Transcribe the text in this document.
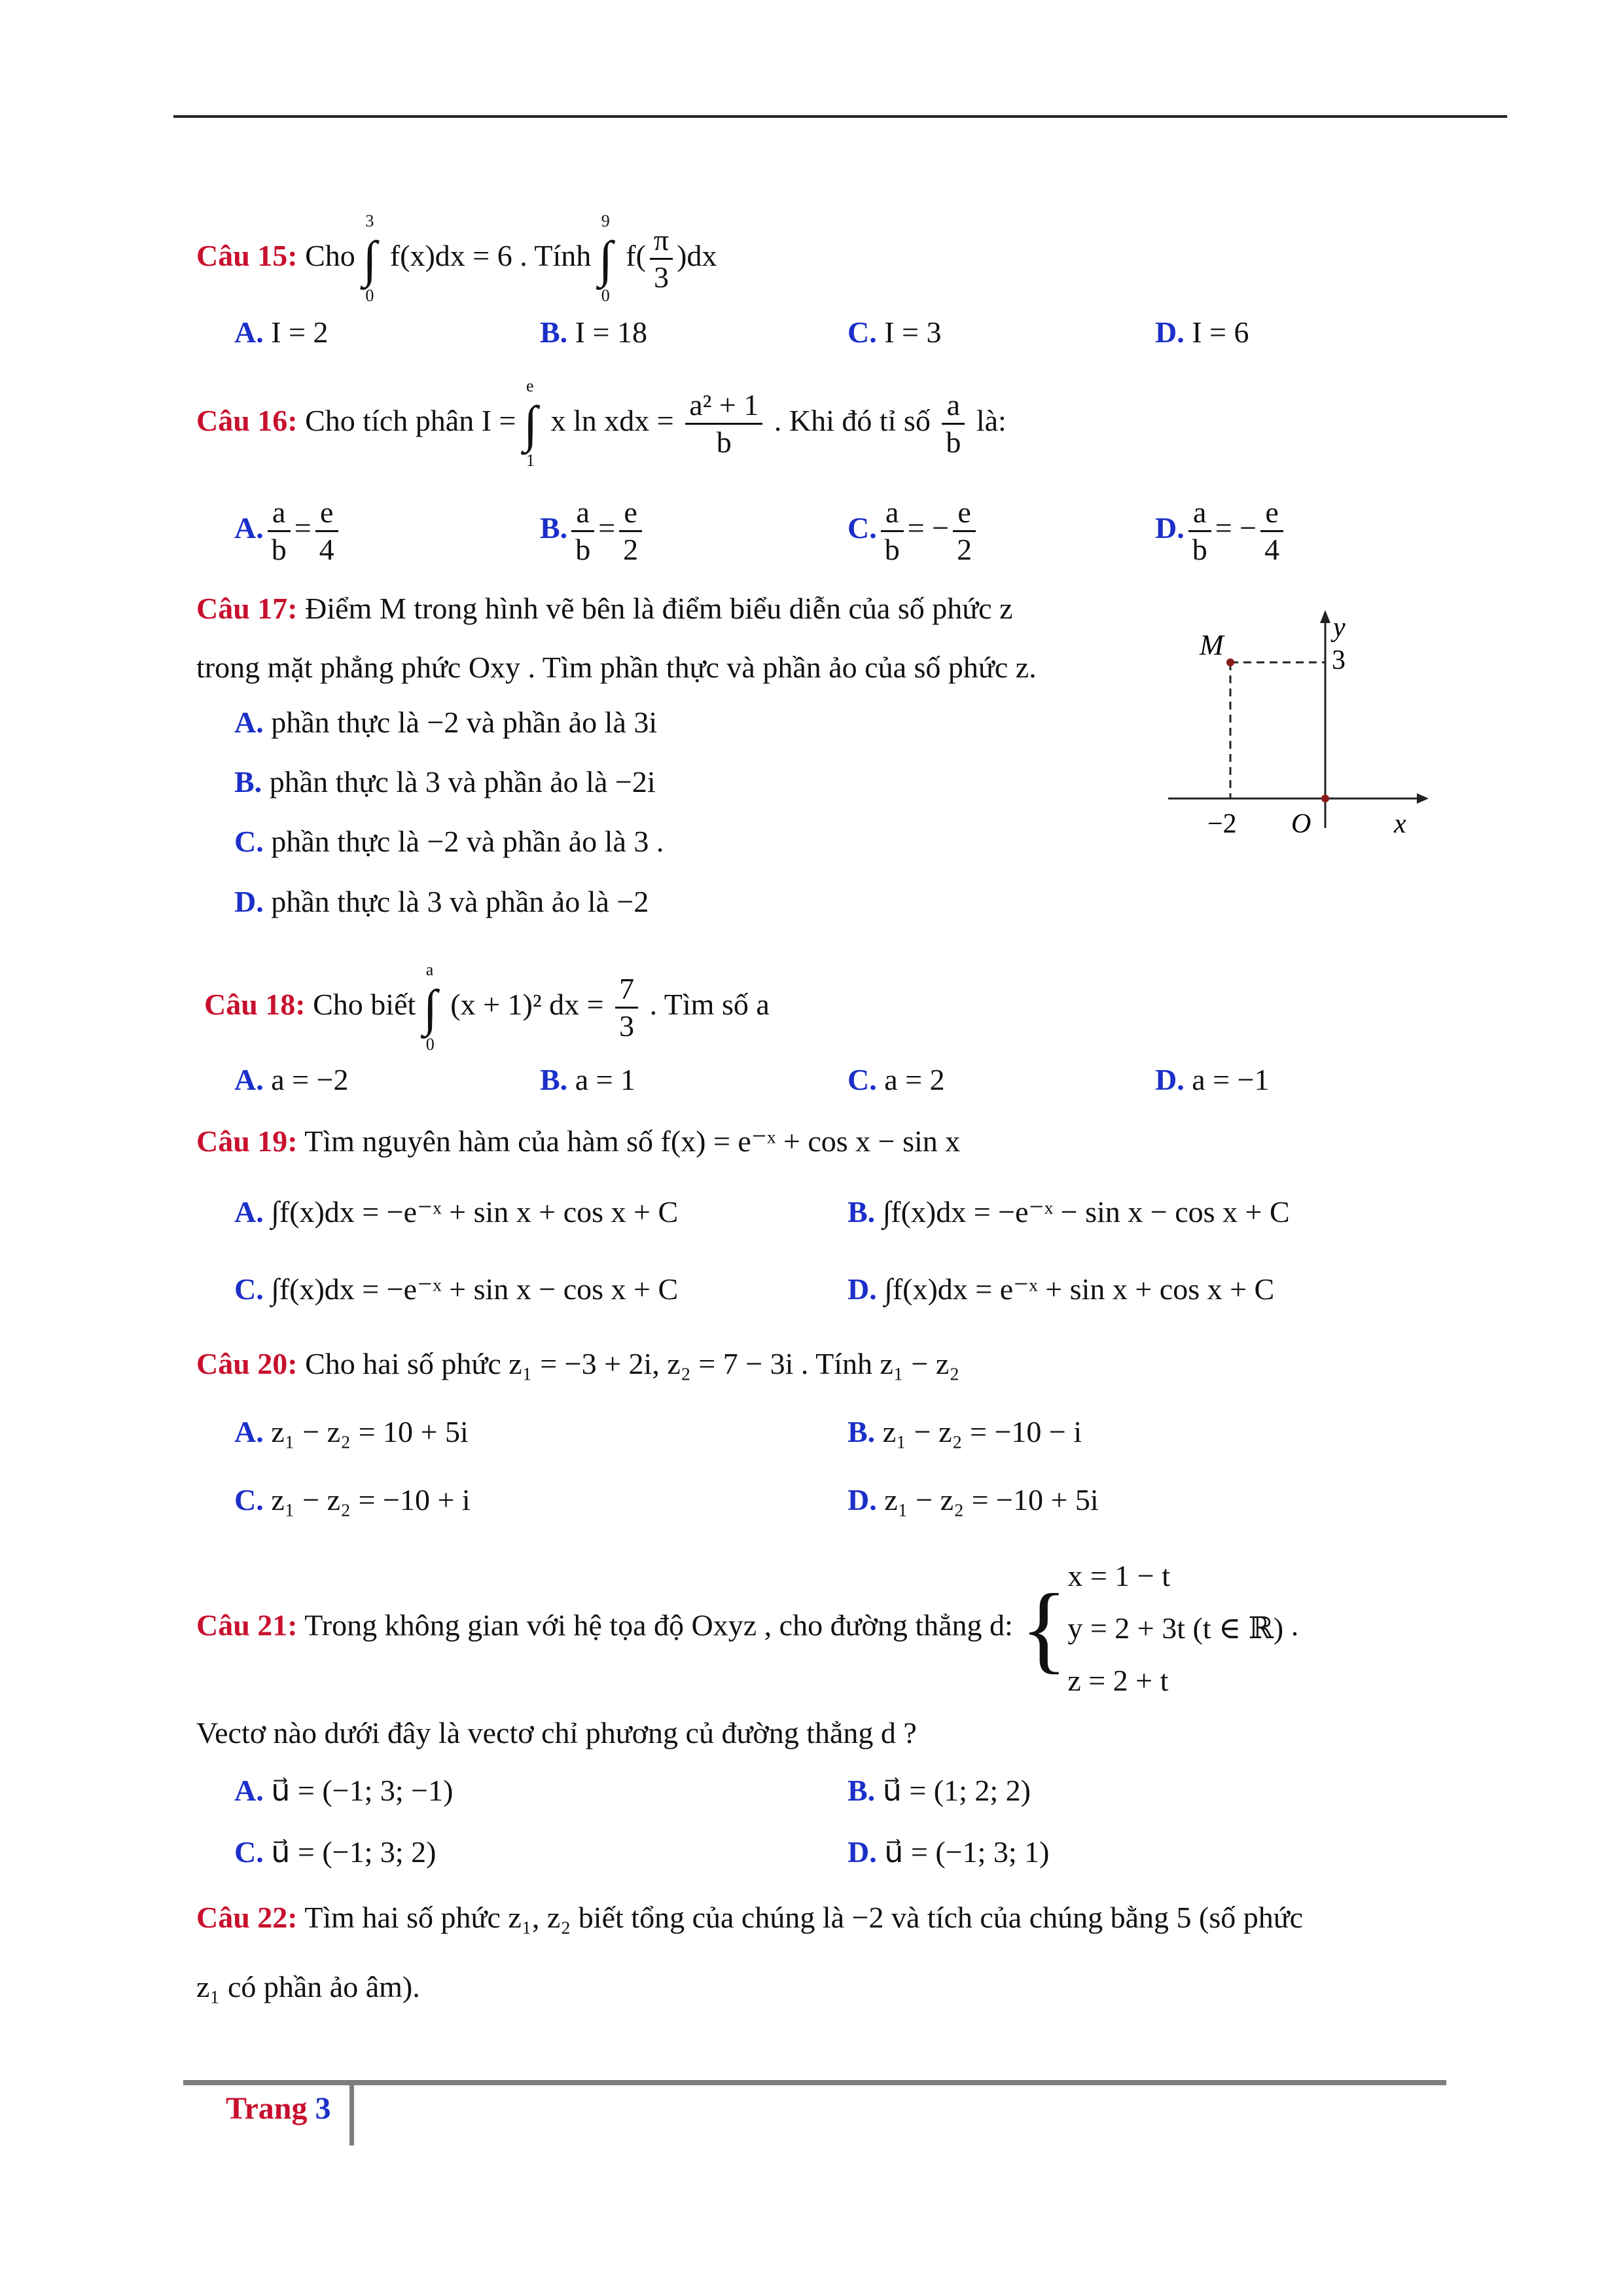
Câu 15: Cho ∫
3
0
f(x)dx = 6 . Tính ∫
9
0
$f( \frac{\pi}{3} )dx$
A. I = 2	B. I = 18	C. I = 3	D. I = 6
Câu 16: Cho tích phân I = ∫
e
1
x ln xdx = $\frac{\text{a² + 1}}{b}$ . Khi đó tỉ số $\frac{a}{b}$ là:
A. $\frac{a}{b} = \frac{e}{4}$	B. $\frac{a}{b} = \frac{e}{2}$	C. $\frac{a}{b}$ = − $\frac{e}{2}$	D. $\frac{a}{b}$ = − $\frac{e}{4}$
Câu 17: Điểm M trong hình vẽ bên là điểm biểu diễn của số phức z
trong mặt phẳng phức Oxy . Tìm phần thực và phần ảo của số phức z.
A. phần thực là −2 và phần ảo là 3i
B. phần thực là 3 và phần ảo là −2i
C. phần thực là −2 và phần ảo là 3 .
D. phần thực là 3 và phần ảo là −2
M
y
3
−2 O	x
Câu 18: Cho biết ∫
a
0
(x + 1)² dx = $\frac{7}{3}$ . Tìm số a
A. a = −2	B. a = 1	C. a = 2	D. a = −1
Câu 19: Tìm nguyên hàm của hàm số f(x) = e⁻ˣ + cos x − sin x
A. ∫f(x)dx = −e⁻ˣ + sin x + cos x + C	B. ∫f(x)dx = −e⁻ˣ − sin x − cos x + C
C. ∫f(x)dx = −e⁻ˣ + sin x − cos x + C	D. ∫f(x)dx = e⁻ˣ + sin x + cos x + C
Câu 20: Cho hai số phức z₁ = −3 + 2i, z₂ = 7 − 3i . Tính z₁ − z₂
A. z₁ − z₂ = 10 + 5i	B. z₁ − z₂ = −10 − i
C. z₁ − z₂ = −10 + i	D. z₁ − z₂ = −10 + 5i
Câu 21: Trong không gian với hệ tọa độ Oxyz , cho đường thẳng d: { x = 1 − t
y = 2 + 3t (t ∈ ℝ)
z = 2 + t
.
Vectơ nào dưới đây là vectơ chỉ phương củ đường thẳng d ?
A. u⃗ = (−1; 3; −1)	B. u⃗ = (1; 2; 2)
C. u⃗ = (−1; 3; 2)	D. u⃗ = (−1; 3; 1)
Câu 22: Tìm hai số phức z₁, z₂ biết tổng của chúng là −2 và tích của chúng bằng 5 (số phức
z₁ có phần ảo âm).
Trang 3
